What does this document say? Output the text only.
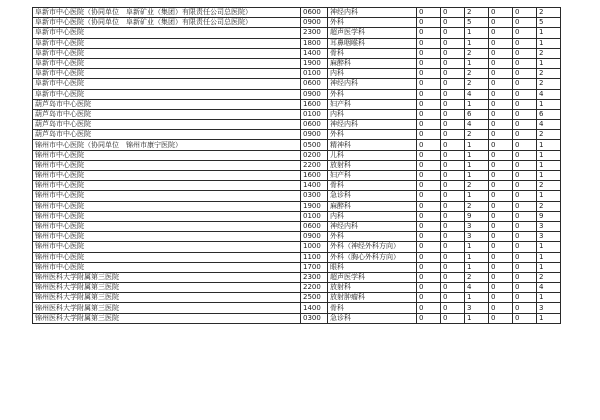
阜新市中心医院（协同单位　阜新矿业（集团）有限责任公司总医院）	0600	神经内科	0	0	2	0	0	2
阜新市中心医院（协同单位　阜新矿业（集团）有限责任公司总医院）	0900	外科	0	0	5	0	0	5
阜新市中心医院	2300	超声医学科	0	0	1	0	0	1
阜新市中心医院	1800	耳鼻咽喉科	0	0	1	0	0	1
阜新市中心医院	1400	骨科	0	0	2	0	0	2
阜新市中心医院	1900	麻醉科	0	0	1	0	0	1
阜新市中心医院	0100	内科	0	0	2	0	0	2
阜新市中心医院	0600	神经内科	0	0	2	0	0	2
阜新市中心医院	0900	外科	0	0	4	0	0	4
葫芦岛市中心医院	1600	妇产科	0	0	1	0	0	1
葫芦岛市中心医院	0100	内科	0	0	6	0	0	6
葫芦岛市中心医院	0600	神经内科	0	0	4	0	0	4
葫芦岛市中心医院	0900	外科	0	0	2	0	0	2
锦州市中心医院（协同单位　锦州市康宁医院）	0500	精神科	0	0	1	0	0	1
锦州市中心医院	0200	儿科	0	0	1	0	0	1
锦州市中心医院	2200	放射科	0	0	1	0	0	1
锦州市中心医院	1600	妇产科	0	0	1	0	0	1
锦州市中心医院	1400	骨科	0	0	2	0	0	2
锦州市中心医院	0300	急诊科	0	0	1	0	0	1
锦州市中心医院	1900	麻醉科	0	0	2	0	0	2
锦州市中心医院	0100	内科	0	0	9	0	0	9
锦州市中心医院	0600	神经内科	0	0	3	0	0	3
锦州市中心医院	0900	外科	0	0	3	0	0	3
锦州市中心医院	1000	外科（神经外科方向）	0	0	1	0	0	1
锦州市中心医院	1100	外科（胸心外科方向）	0	0	1	0	0	1
锦州市中心医院	1700	眼科	0	0	1	0	0	1
锦州医科大学附属第三医院	2300	超声医学科	0	0	2	0	0	2
锦州医科大学附属第三医院	2200	放射科	0	0	4	0	0	4
锦州医科大学附属第三医院	2500	放射肿瘤科	0	0	1	0	0	1
锦州医科大学附属第三医院	1400	骨科	0	0	3	0	0	3
锦州医科大学附属第三医院	0300	急诊科	0	0	1	0	0	1
